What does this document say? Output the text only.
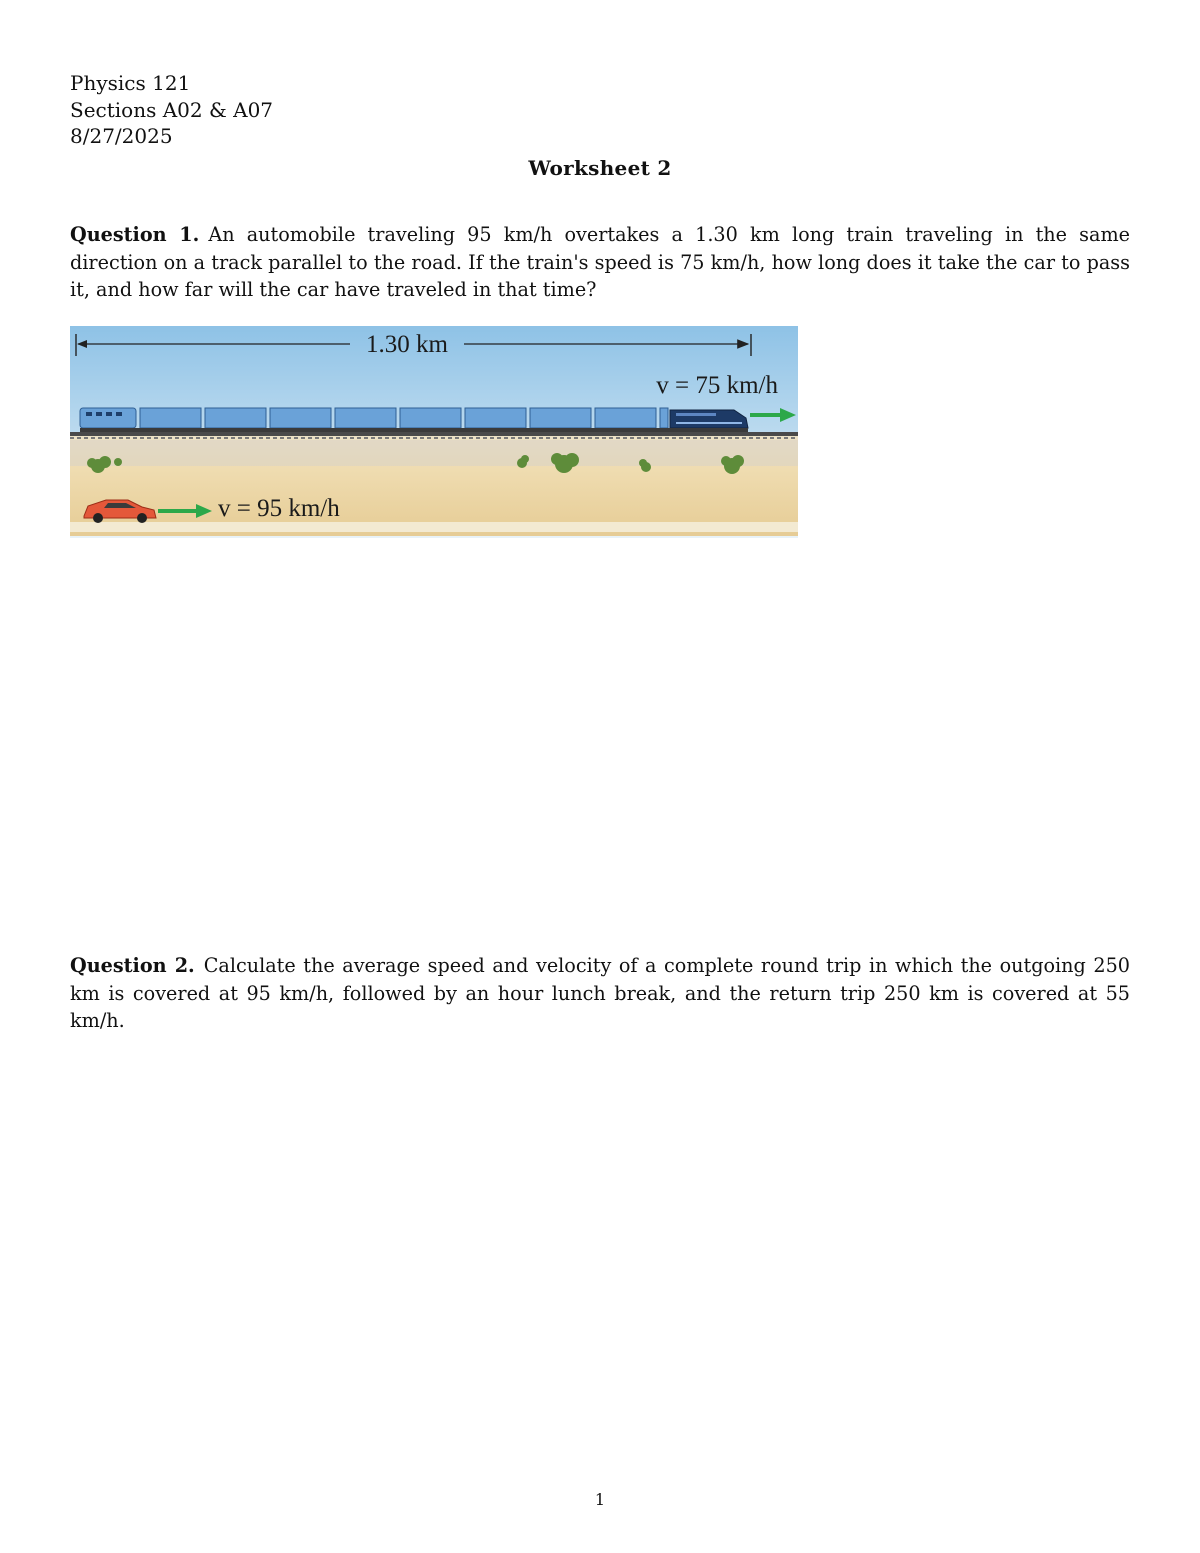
Physics 121
Sections A02 & A07
8/27/2025
Worksheet 2
Question 1. An automobile traveling 95 km/h overtakes a 1.30 km long train traveling in the same direction on a track parallel to the road. If the train's speed is 75 km/h, how long does it take the car to pass it, and how far will the car have traveled in that time?
1.30 km
v = 75 km/h
v = 95 km/h
Question 2. Calculate the average speed and velocity of a complete round trip in which the outgoing 250 km is covered at 95 km/h, followed by an hour lunch break, and the return trip 250 km is covered at 55 km/h.
1
